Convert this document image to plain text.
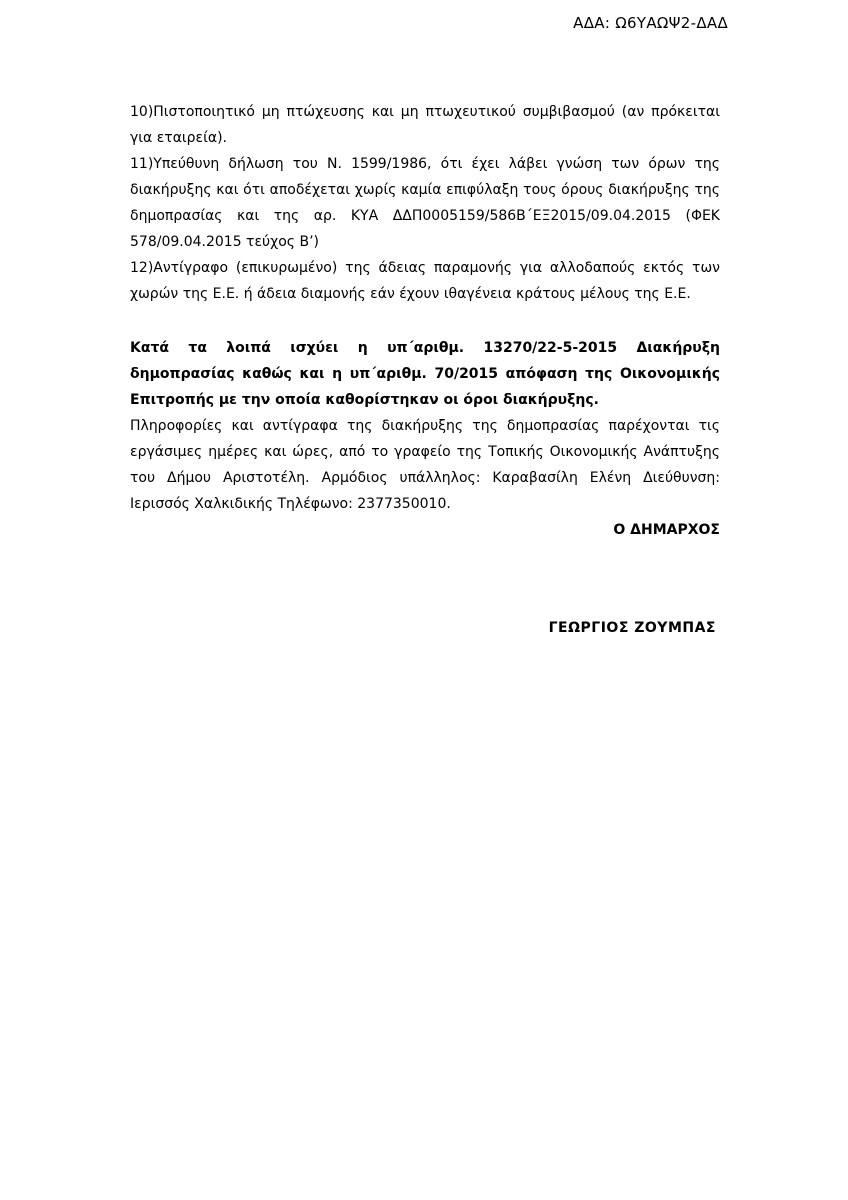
ΑΔΑ: Ω6ΥΑΩΨ2-ΔΑΔ

10)Πιστοποιητικό μη πτώχευσης και μη πτωχευτικού συμβιβασμού (αν πρόκειται για εταιρεία).

11)Υπεύθυνη δήλωση του Ν. 1599/1986, ότι έχει λάβει γνώση των όρων της διακήρυξης και ότι αποδέχεται χωρίς καμία επιφύλαξη τους όρους διακήρυξης της δημοπρασίας και της αρ. ΚΥΑ ΔΔΠ0005159/586Β΄ΕΞ2015/09.04.2015 (ΦΕΚ 578/09.04.2015 τεύχος Β’)

12)Αντίγραφο (επικυρωμένο) της άδειας παραμονής για αλλοδαπούς εκτός των χωρών της Ε.Ε. ή άδεια διαμονής εάν έχουν ιθαγένεια κράτους μέλους της Ε.Ε.

Κατά τα λοιπά ισχύει η υπ΄αριθμ. 13270/22-5-2015 Διακήρυξη δημοπρασίας καθώς και η υπ΄αριθμ. 70/2015 απόφαση της Οικονομικής Επιτροπής με την οποία καθορίστηκαν οι όροι διακήρυξης.

Πληροφορίες και αντίγραφα της διακήρυξης της δημοπρασίας παρέχονται τις εργάσιμες ημέρες και ώρες, από το γραφείο της Τοπικής Οικονομικής Ανάπτυξης του Δήμου Αριστοτέλη. Αρμόδιος υπάλληλος: Καραβασίλη Ελένη Διεύθυνση: Ιερισσός Χαλκιδικής Τηλέφωνο: 2377350010.

Ο ΔΗΜΑΡΧΟΣ

ΓΕΩΡΓΙΟΣ ΖΟΥΜΠΑΣ
